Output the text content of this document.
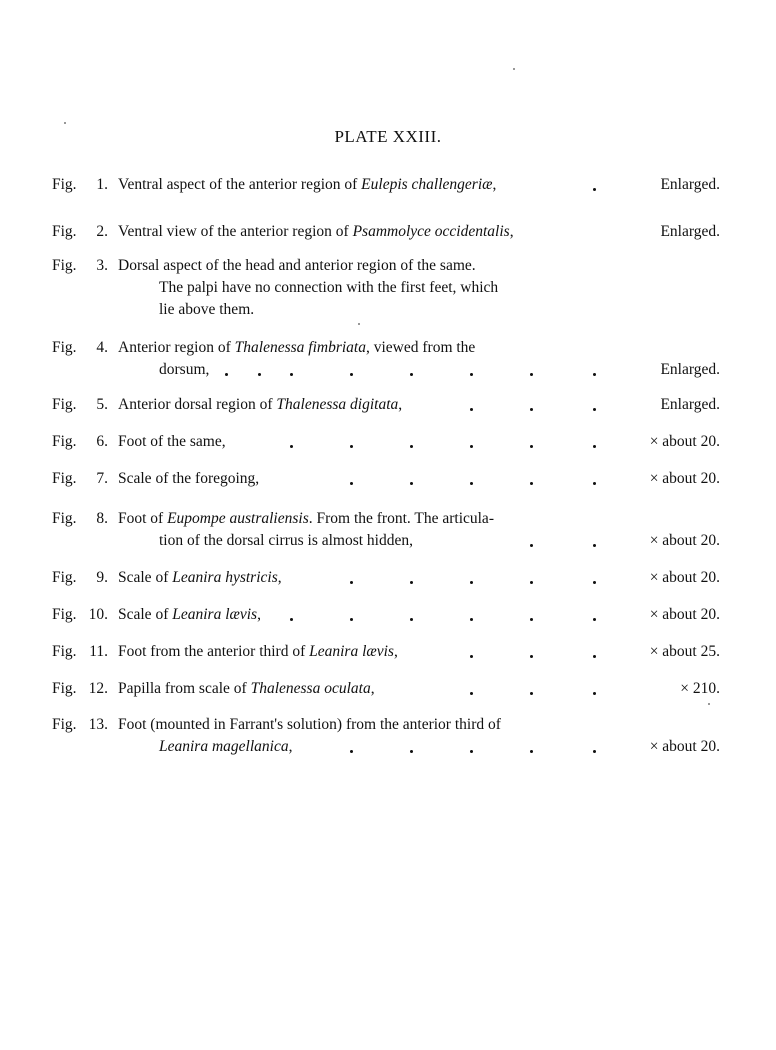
PLATE XXIII.
Fig.	1. Ventral aspect of the anterior region of Eulepis challengeriæ,	Enlarged.
Fig.	2. Ventral view of the anterior region of Psammolyce occidentalis,	Enlarged.
Fig.	3. Dorsal aspect of the head and anterior region of the same.
The palpi have no connection with the first feet, which
lie above them.
Fig.	4. Anterior region of Thalenessa fimbriata, viewed from the
dorsum,	Enlarged.
Fig.	5. Anterior dorsal region of Thalenessa digitata,	Enlarged.
Fig.	6. Foot of the same,	× about 20.
Fig.	7. Scale of the foregoing,	× about 20.
Fig.	8. Foot of Eupompe australiensis. From the front. The articula-
tion of the dorsal cirrus is almost hidden,	× about 20.
Fig.	9. Scale of Leanira hystricis,	× about 20.
Fig. 10. Scale of Leanira lævis,	× about 20.
Fig. 11. Foot from the anterior third of Leanira lævis,	× about 25.
Fig. 12. Papilla from scale of Thalenessa oculata,	× 210.
Fig. 13. Foot (mounted in Farrant's solution) from the anterior third of
Leanira magellanica,	× about 20.
